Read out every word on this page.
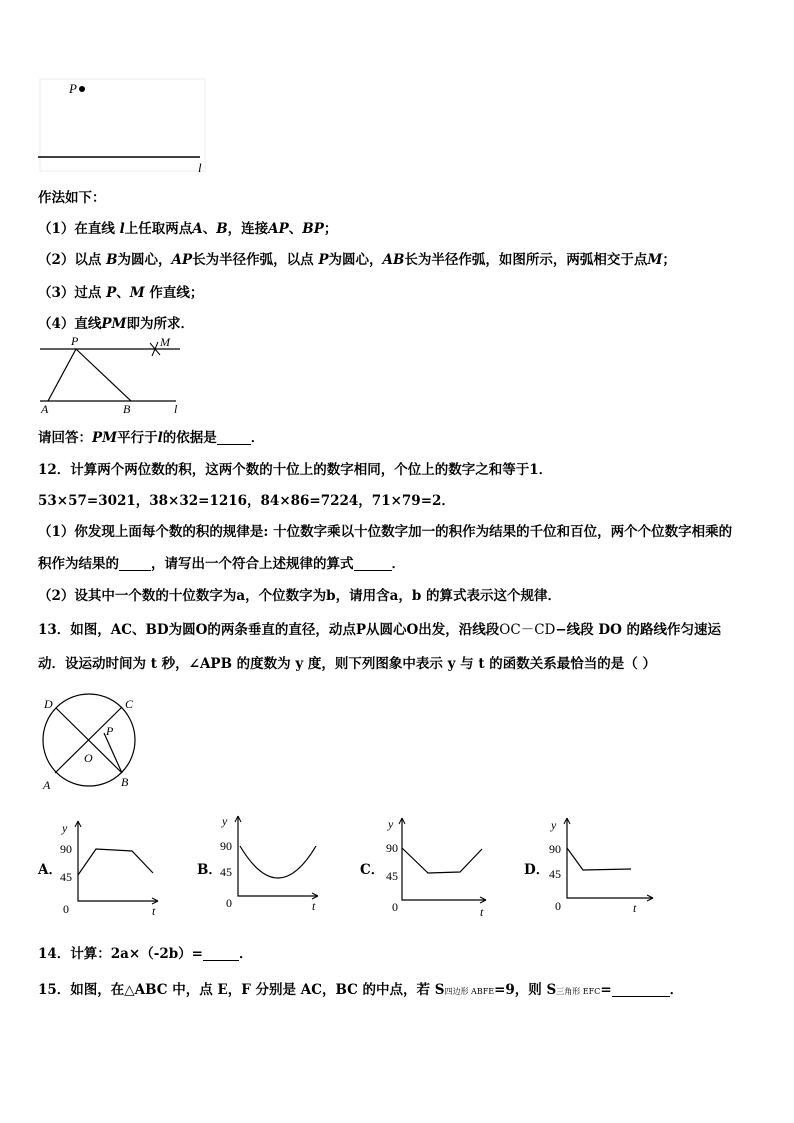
P
l
作法如下：
（1）在直线 l上任取两点A、B，连接AP、BP；
（2）以点 B为圆心，AP长为半径作弧，以点 P为圆心，AB长为半径作弧，如图所示，两弧相交于点M；
（3）过点 P、M 作直线；
（4）直线PM即为所求．
P	M
A	B	l
请回答：PM平行于l的依据是	．
12．计算两个两位数的积，这两个数的十位上的数字相同，个位上的数字之和等于1．
53×57=3021，38×32=1216，84×86=7224，71×79=2．
（1）你发现上面每个数的积的规律是: 十位数字乘以十位数字加一的积作为结果的千位和百位，两个个位数字相乘的
积作为结果的 ，请写出一个符合上述规律的算式	．
（2）设其中一个数的十位数字为a，个位数字为b，请用含a，b 的算式表示这个规律．
13．如图，AC、BD为圆O的两条垂直的直径，动点P从圆心O出发，沿线段OC－CD−线段 DO 的路线作匀速运
动．设运动时间为 t 秒，∠APB 的度数为 y 度，则下列图象中表示 y 与 t 的函数关系最恰当的是（ ）
D	C
P
O
A	B
A．
y
90
45
0	t
B．
y
90
45
0	t
C．
y
90
45
0	t
D．
y
90
45
0	t
14．计算：2a×（-2b）=	．
15．如图，在△ABC 中，点 E，F 分别是 AC，BC 的中点，若 S四边形 ABFE=9，则 S三角形 EFC=	．
